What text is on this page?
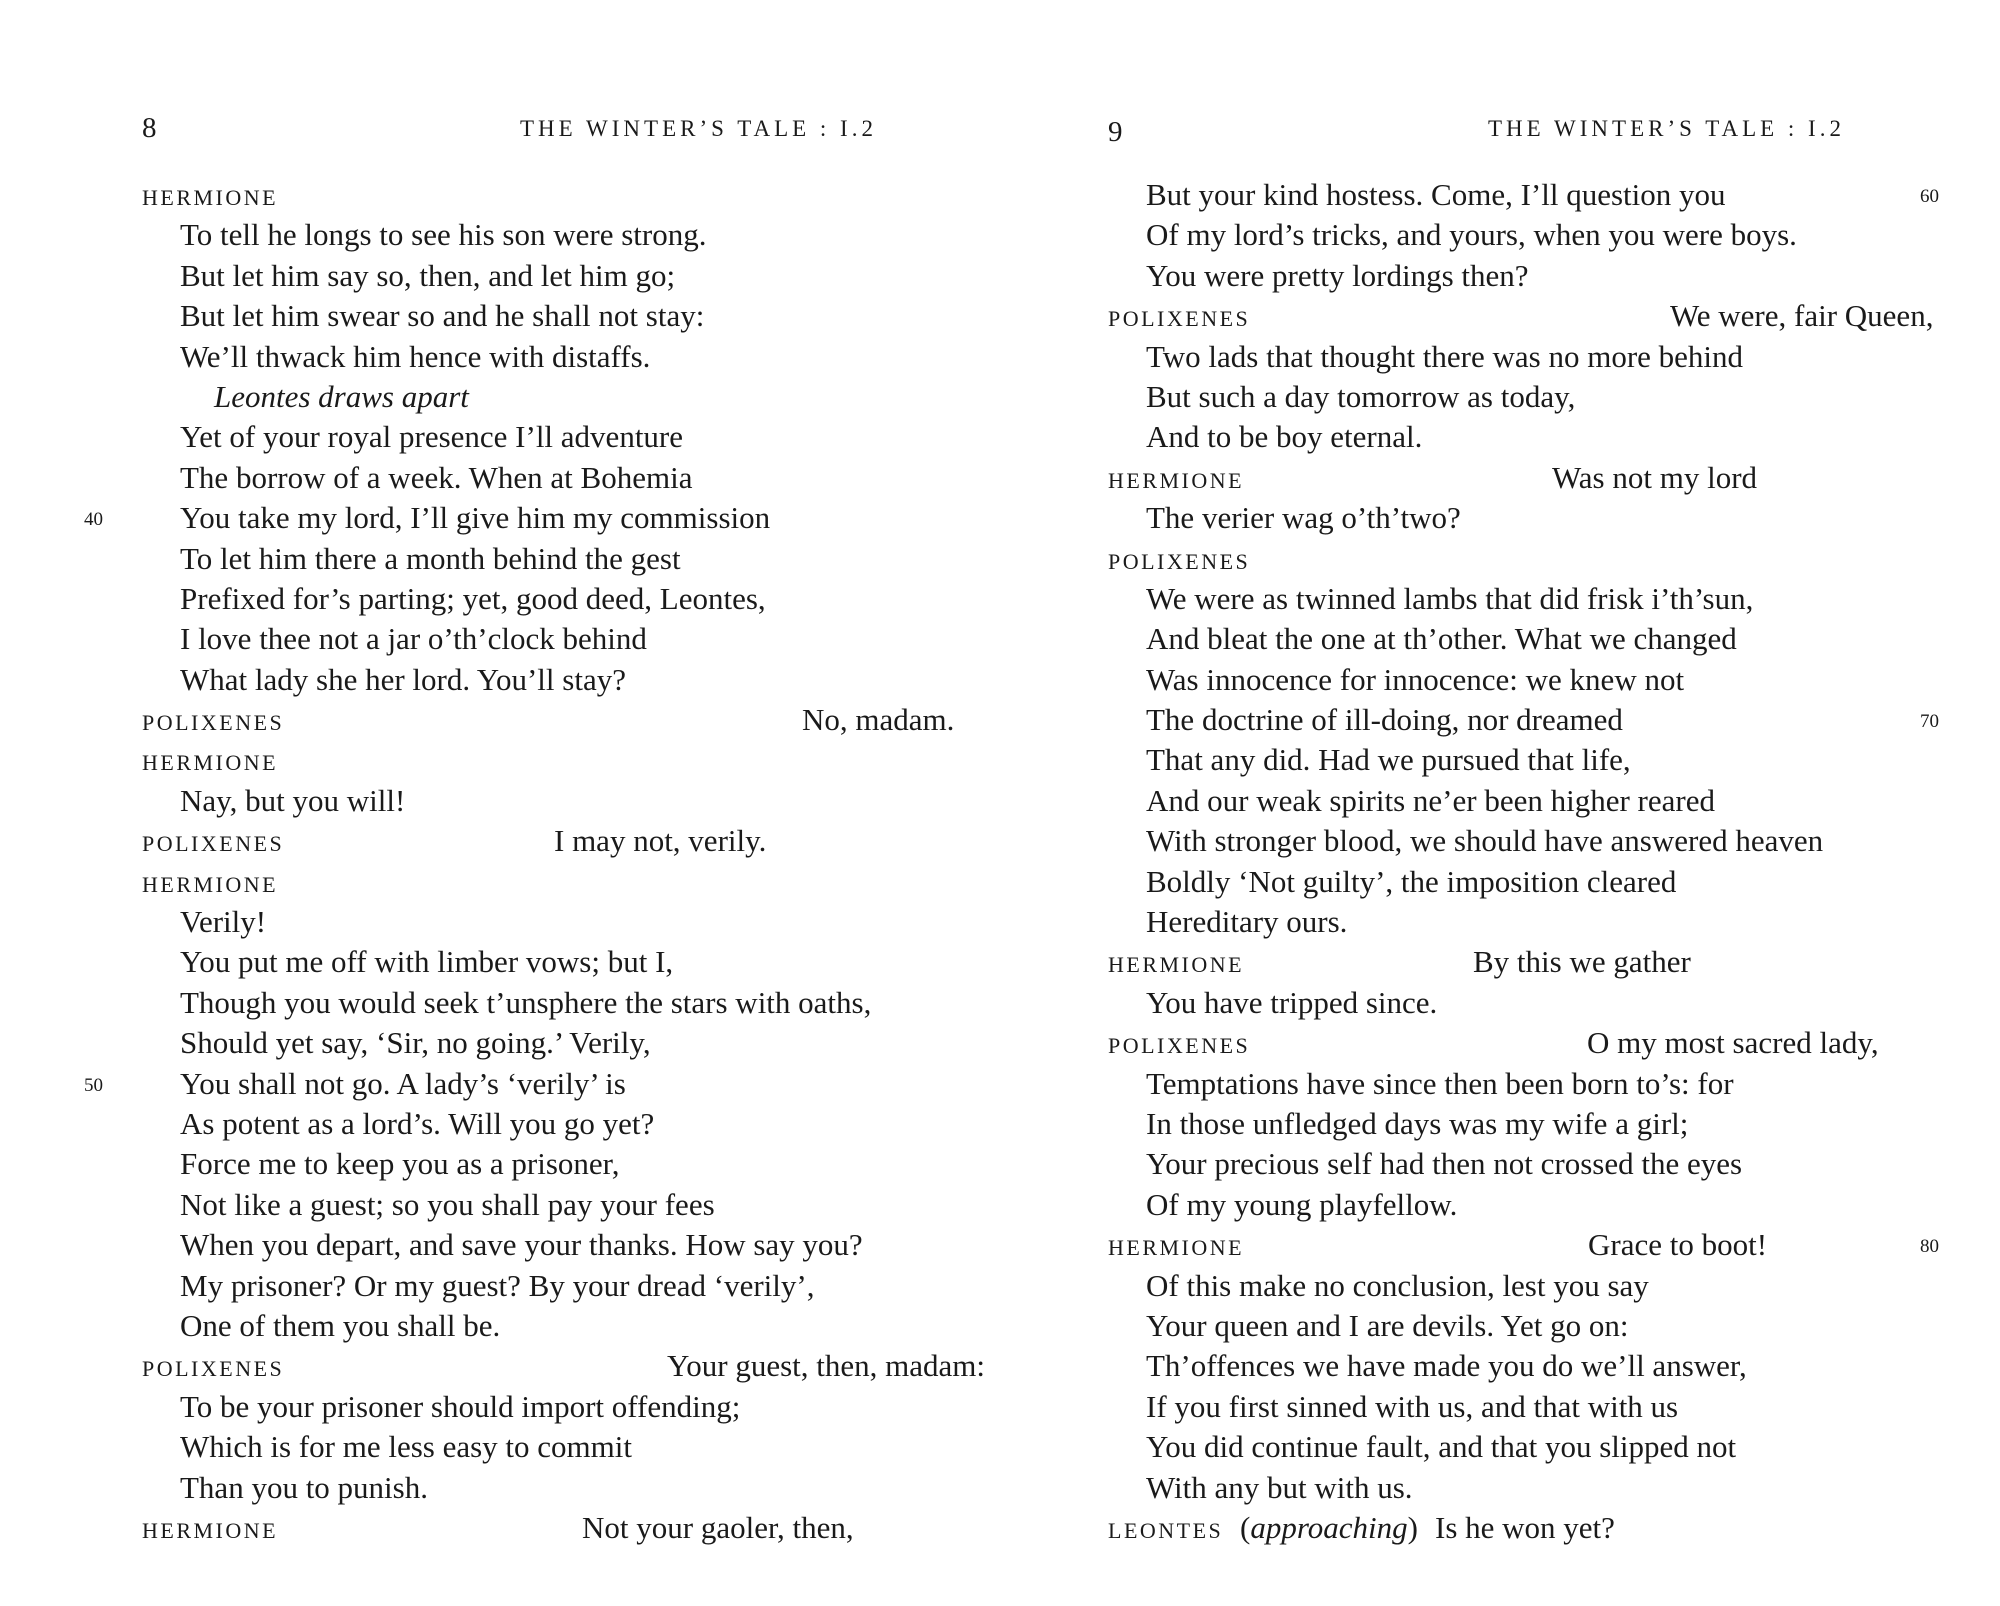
8	THE WINTER’S TALE : I.2
HERMIONE
To tell he longs to see his son were strong.
But let him say so, then, and let him go;
But let him swear so and he shall not stay:
We’ll thwack him hence with distaffs.
Leontes draws apart
Yet of your royal presence I’ll adventure
The borrow of a week. When at Bohemia
You take my lord, I’ll give him my commission
40
To let him there a month behind the gest
Prefixed for’s parting; yet, good deed, Leontes,
I love thee not a jar o’th’clock behind
What lady she her lord. You’ll stay?
POLIXENES	No, madam.
HERMIONE
Nay, but you will!
POLIXENES	I may not, verily.
HERMIONE
Verily!
You put me off with limber vows; but I,
Though you would seek t’unsphere the stars with oaths,
Should yet say, ‘Sir, no going.’ Verily,
You shall not go. A lady’s ‘verily’ is
50
As potent as a lord’s. Will you go yet?
Force me to keep you as a prisoner,
Not like a guest; so you shall pay your fees
When you depart, and save your thanks. How say you?
My prisoner? Or my guest? By your dread ‘verily’,
One of them you shall be.
POLIXENES	Your guest, then, madam:
To be your prisoner should import offending;
Which is for me less easy to commit
Than you to punish.
HERMIONE	Not your gaoler, then,
9	THE WINTER’S TALE : I.2
But your kind hostess. Come, I’ll question you	60
Of my lord’s tricks, and yours, when you were boys.
You were pretty lordings then?
POLIXENES	We were, fair Queen,
Two lads that thought there was no more behind
But such a day tomorrow as today,
And to be boy eternal.
HERMIONE	Was not my lord
The verier wag o’th’two?
POLIXENES
We were as twinned lambs that did frisk i’th’sun,
And bleat the one at th’other. What we changed
Was innocence for innocence: we knew not
The doctrine of ill-doing, nor dreamed	70
That any did. Had we pursued that life,
And our weak spirits ne’er been higher reared
With stronger blood, we should have answered heaven
Boldly ‘Not guilty’, the imposition cleared
Hereditary ours.
HERMIONE	By this we gather
You have tripped since.
POLIXENES	O my most sacred lady,
Temptations have since then been born to’s: for
In those unfledged days was my wife a girl;
Your precious self had then not crossed the eyes
Of my young playfellow.
HERMIONE	Grace to boot!	80
Of this make no conclusion, lest you say
Your queen and I are devils. Yet go on:
Th’offences we have made you do we’ll answer,
If you first sinned with us, and that with us
You did continue fault, and that you slipped not
With any but with us.
LEONTES (approaching) Is he won yet?
